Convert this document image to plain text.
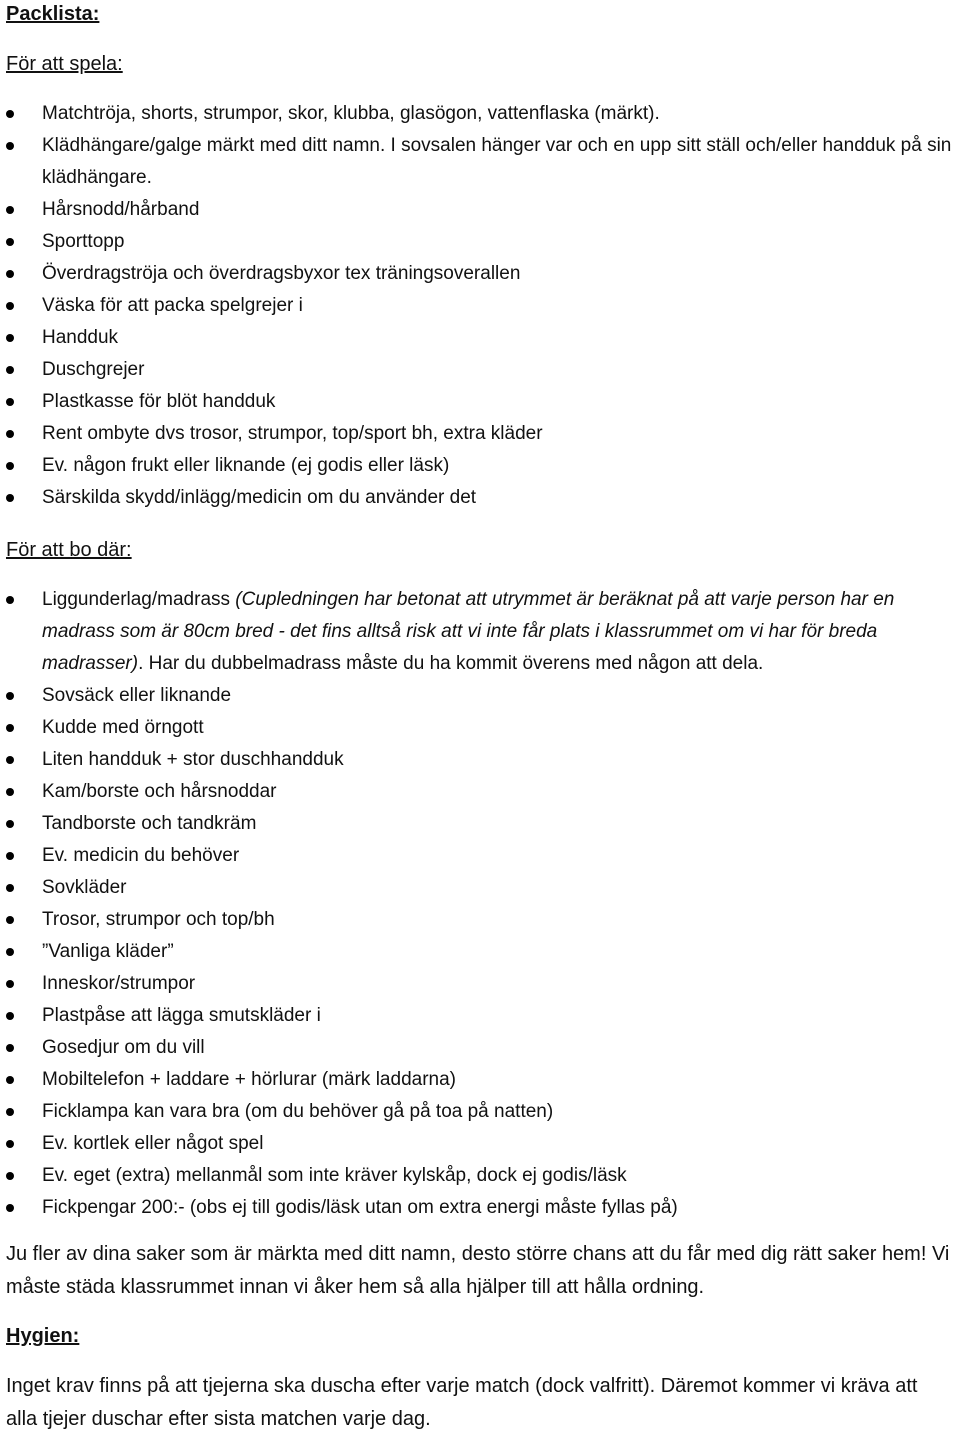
Packlista:
För att spela:
Matchtröja, shorts, strumpor, skor, klubba, glasögon, vattenflaska (märkt).
Klädhängare/galge märkt med ditt namn. I sovsalen hänger var och en upp sitt ställ och/eller handduk på sin klädhängare.
Hårsnodd/hårband
Sporttopp
Överdragströja och överdragsbyxor tex träningsoverallen
Väska för att packa spelgrejer i
Handduk
Duschgrejer
Plastkasse för blöt handduk
Rent ombyte dvs trosor, strumpor, top/sport bh, extra kläder
Ev. någon frukt eller liknande (ej godis eller läsk)
Särskilda skydd/inlägg/medicin om du använder det
För att bo där:
Liggunderlag/madrass (Cupledningen har betonat att utrymmet är beräknat på att varje person har en madrass som är 80cm bred - det fins alltså risk att vi inte får plats i klassrummet om vi har för breda madrasser). Har du dubbelmadrass måste du ha kommit överens med någon att dela.
Sovsäck eller liknande
Kudde med örngott
Liten handduk + stor duschhandduk
Kam/borste och hårsnoddar
Tandborste och tandkräm
Ev. medicin du behöver
Sovkläder
Trosor, strumpor och top/bh
”Vanliga kläder”
Inneskor/strumpor
Plastpåse att lägga smutskläder i
Gosedjur om du vill
Mobiltelefon + laddare + hörlurar (märk laddarna)
Ficklampa kan vara bra (om du behöver gå på toa på natten)
Ev. kortlek eller något spel
Ev. eget (extra) mellanmål som inte kräver kylskåp, dock ej godis/läsk
Fickpengar 200:- (obs ej till godis/läsk utan om extra energi måste fyllas på)

Ju fler av dina saker som är märkta med ditt namn, desto större chans att du får med dig rätt saker hem! Vi måste städa klassrummet innan vi åker hem så alla hjälper till att hålla ordning.

Hygien:

Inget krav finns på att tjejerna ska duscha efter varje match (dock valfritt). Däremot kommer vi kräva att alla tjejer duschar efter sista matchen varje dag.
